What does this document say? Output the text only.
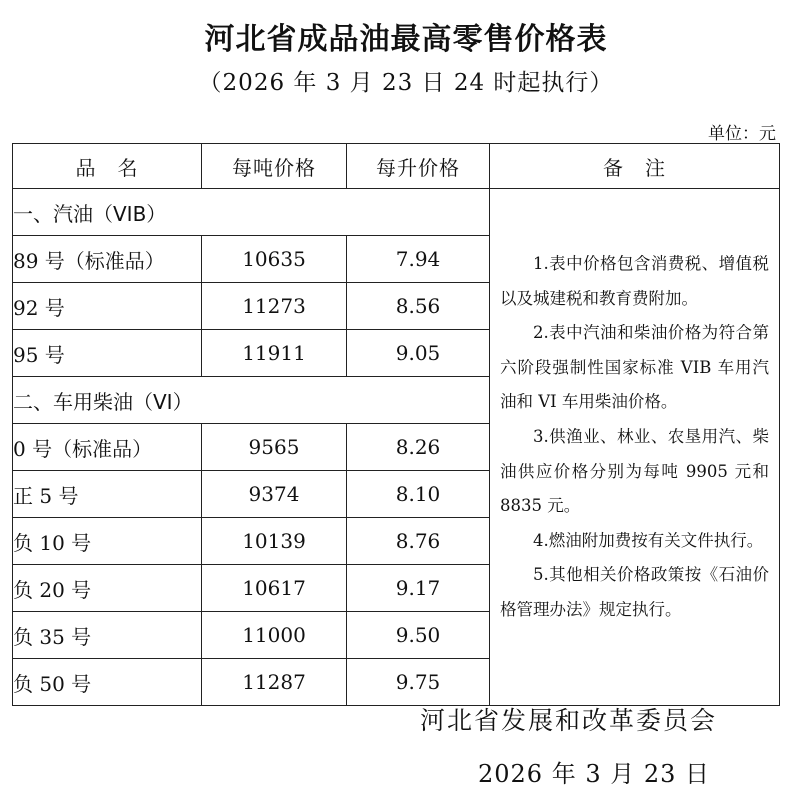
河北省成品油最高零售价格表
（2026 年 3 月 23 日 24 时起执行）
单位：元
品　名	每吨价格	每升价格	备　注
一、汽油（VIB）			1.表中价格包含消费税、增值税以及城建税和教育费附加。
2.表中汽油和柴油价格为符合第六阶段强制性国家标准 VIB 车用汽油和 VI 车用柴油价格。
3.供渔业、林业、农垦用汽、柴油供应价格分别为每吨 9905 元和 8835 元。
4.燃油附加费按有关文件执行。
5.其他相关价格政策按《石油价格管理办法》规定执行。

89 号（标准品）	10635	7.94	
92 号	11273	8.56	
95 号	11911	9.05	
二、车用柴油（VI）			
0 号（标准品）	9565	8.26	
正 5 号	9374	8.10	
负 10 号	10139	8.76	
负 20 号	10617	9.17	
负 35 号	11000	9.50	
负 50 号	11287	9.75	
河北省发展和改革委员会
2026 年 3 月 23 日
